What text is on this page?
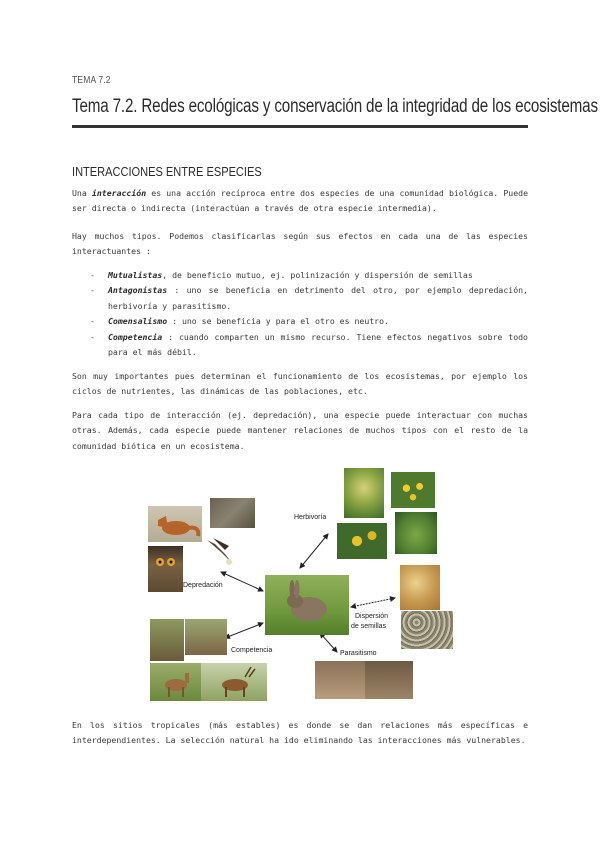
TEMA 7.2
Tema 7.2. Redes ecológicas y conservación de la integridad de los ecosistemas
INTERACCIONES ENTRE ESPECIES

Una interacción es una acción recíproca entre dos especies de una comunidad biológica. Puede ser directa o indirecta (interactúan a través de otra especie intermedia).

Hay muchos tipos. Podemos clasificarlas según sus efectos en cada una de las especies interactuantes :

- Mutualistas, de beneficio mutuo, ej. polinización y dispersión de semillas
- Antagonistas : uno se beneficia en detrimento del otro, por ejemplo depredación, herbivoría y parasitismo.
- Comensalismo : uno se beneficia y para el otro es neutro.
- Competencia : cuando comparten un mismo recurso. Tiene efectos negativos sobre todo para el más débil.

Son muy importantes pues determinan el funcionamiento de los ecosistemas, por ejemplo los ciclos de nutrientes, las dinámicas de las poblaciones, etc.

Para cada tipo de interacción (ej. depredación), una especie puede interactuar con muchas otras. Además, cada especie puede mantener relaciones de muchos tipos con el resto de la comunidad biótica en un ecosistema.

Herbivoría
Depredación
Dispersión
de semillas
Competencia	Parasitismo

En los sitios tropicales (más estables) es donde se dan relaciones más específicas e interdependientes. La selección natural ha ido eliminando las interacciones más vulnerables.
